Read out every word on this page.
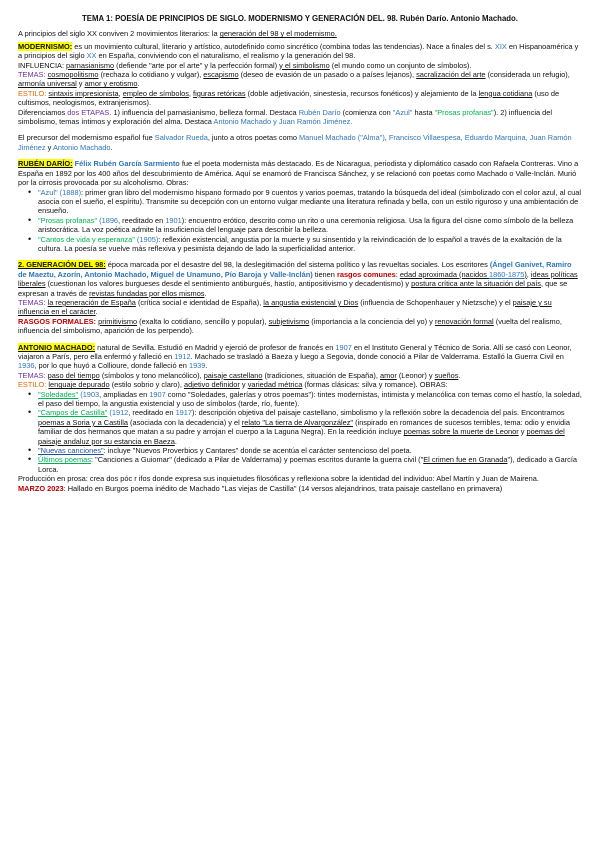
TEMA 1: POESÍA DE PRINCIPIOS DE SIGLO. MODERNISMO Y GENERACIÓN DEL. 98. Rubén Darío. Antonio Machado.

A principios del siglo XX conviven 2 movimientos literarios: la generación del 98 y el modernismo.

MODERNISMO: es un movimiento cultural, literario y artístico, autodefinido como sincrético (combina todas las tendencias). Nace a finales del s. XIX en Hispanoamérica y a principios del siglo XX en España, conviviendo con el naturalismo, el realismo y la generación del 98.

INFLUENCIA: parnasianismo (defiende "arte por el arte" y la perfección formal) y el simbolismo (el mundo como un conjunto de símbolos).

TEMAS: cosmopolitismo (rechaza lo cotidiano y vulgar), escapismo (deseo de evasión de un pasado o a países lejanos), sacralización del arte (considerada un refugio), armonía universal y amor y erotismo.

ESTILO: sintaxis impresionista, empleo de símbolos, figuras retóricas (doble adjetivación, sinestesia, recursos fonéticos) y alejamiento de la lengua cotidiana (uso de cultismos, neologismos, extranjerismos).

Diferenciamos dos ETAPAS. 1) influencia del parnasianismo, belleza formal. Destaca Rubén Darío (comienza con "Azul" hasta "Prosas profanas"). 2) influencia del simbolismo, temas íntimos y exploración del alma. Destaca Antonio Machado y Juan Ramón Jiménez.

El precursor del modernismo español fue Salvador Rueda, junto a otros poetas como Manuel Machado ("Alma"), Francisco Villaespesa, Eduardo Marquina, Juan Ramón Jiménez y Antonio Machado.

RUBÉN DARÍO: Félix Rubén García Sarmiento fue el poeta modernista más destacado. Es de Nicaragua, periodista y diplomático casado con Rafaela Contreras. Vino a España en 1892 por los 400 años del descubrimiento de América. Aquí se enamoró de Francisca Sánchez, y se relacionó con poetas como Machado o Valle-Inclán. Murió por la cirrosis provocada por su alcoholismo. Obras:

• "Azul" (1888): primer gran libro del modernismo hispano formado por 9 cuentos y varios poemas, tratando la búsqueda del ideal (simbolizado con el color azul, al cual asocia con el sueño, el espíritu). Transmite su decepción con un entorno vulgar mediante una literatura refinada y bella, con un estilo riguroso y una ambientación de ensueño.
• "Prosas profanas" (1896, reeditado en 1901): encuentro erótico, descrito como un rito o una ceremonia religiosa. Usa la figura del cisne como símbolo de la belleza aristocrática. La voz poética admite la insuficiencia del lenguaje para describir la belleza.
• "Cantos de vida y esperanza" (1905): reflexión existencial, angustia por la muerte y su sinsentido y la reivindicación de lo español a través de la exaltación de la cultura. La poesía se vuelve más reflexiva y pesimista dejando de lado la superficialidad anterior.

2. GENERACIÓN DEL 98: época marcada por el desastre del 98, la deslegitimación del sistema político y las revueltas sociales. Los escritores (Ángel Ganivet, Ramiro de Maeztu, Azorín, Antonio Machado, Miguel de Unamuno, Pío Baroja y Valle-Inclán) tienen rasgos comunes: edad aproximada (nacidos 1860-1875), ideas políticas liberales (cuestionan los valores burgueses desde el sentimiento antiburgués, hastío, antipositivismo y decadentismo) y postura crítica ante la situación del país, que se expresan a través de revistas fundadas por ellos mismos.

TEMAS: la regeneración de España (crítica social e identidad de España), la angustia existencial y Dios (influencia de Schopenhauer y Nietzsche) y el paisaje y su influencia en el carácter.

RASGOS FORMALES: primitivismo (exalta lo cotidiano, sencillo y popular), subjetivismo (importancia a la conciencia del yo) y renovación formal (vuelta del realismo, influencia del simbolismo, aparición de los perpendo).

ANTONIO MACHADO: natural de Sevilla. Estudió en Madrid y ejerció de profesor de francés en 1907 en el Instituto General y Técnico de Soria. Allí se casó con Leonor, viajaron a París, pero ella enfermó y falleció en 1912. Machado se trasladó a Baeza y luego a Segovia, donde conoció a Pilar de Valderrama. Estalló la Guerra Civil en 1936, por lo que huyó a Collioure, donde falleció en 1939.

TEMAS: paso del tiempo (símbolos y tono melancólico), paisaje castellano (tradiciones, situación de España), amor (Leonor) y sueños.

ESTILO: lenguaje depurado (estilo sobrio y claro), adjetivo definidor y variedad métrica (formas clásicas: silva y romance). OBRAS:

• "Soledades" (1903, ampliadas en 1907 como "Soledades, galerías y otros poemas"): tintes modernistas, intimista y melancólica con temas como el hastío, la soledad, el paso del tiempo, la angustia existencial y uso de símbolos (tarde, río, fuente).
• "Campos de Castilla" (1912, reeditado en 1917): descripción objetiva del paisaje castellano, simbolismo y la reflexión sobre la decadencia del país. Encontramos poemas a Soria y a Castilla (asociada con la decadencia) y el relato "La tierra de Alvargonzález" (inspirado en romances de sucesos terribles, tema: odio y envidia familiar de dos hermanos que matan a su padre y arrojan el cuerpo a la Laguna Negra). En la reedición incluye poemas sobre la muerte de Leonor y poemas del paisaje andaluz por su estancia en Baeza.
• "Nuevas canciones": incluye "Nuevos Proverbios y Cantares" donde se acentúa el carácter sentencioso del poeta.
• Últimos poemas: "Canciones a Guiomar" (dedicado a Pilar de Valderrama) y poemas escritos durante la guerra civil ("El crimen fue en Granada"), dedicado a García Lorca.

Producción en prosa: crea dos póc r ifos donde expresa sus inquietudes filosóficas y reflexiona sobre la identidad del individuo: Abel Martín y Juan de Mairena.

MARZO 2023: Hallado en Burgos poema inédito de Machado "Las viejas de Castilla" (14 versos alejandrinos, trata paisaje castellano en primavera)
